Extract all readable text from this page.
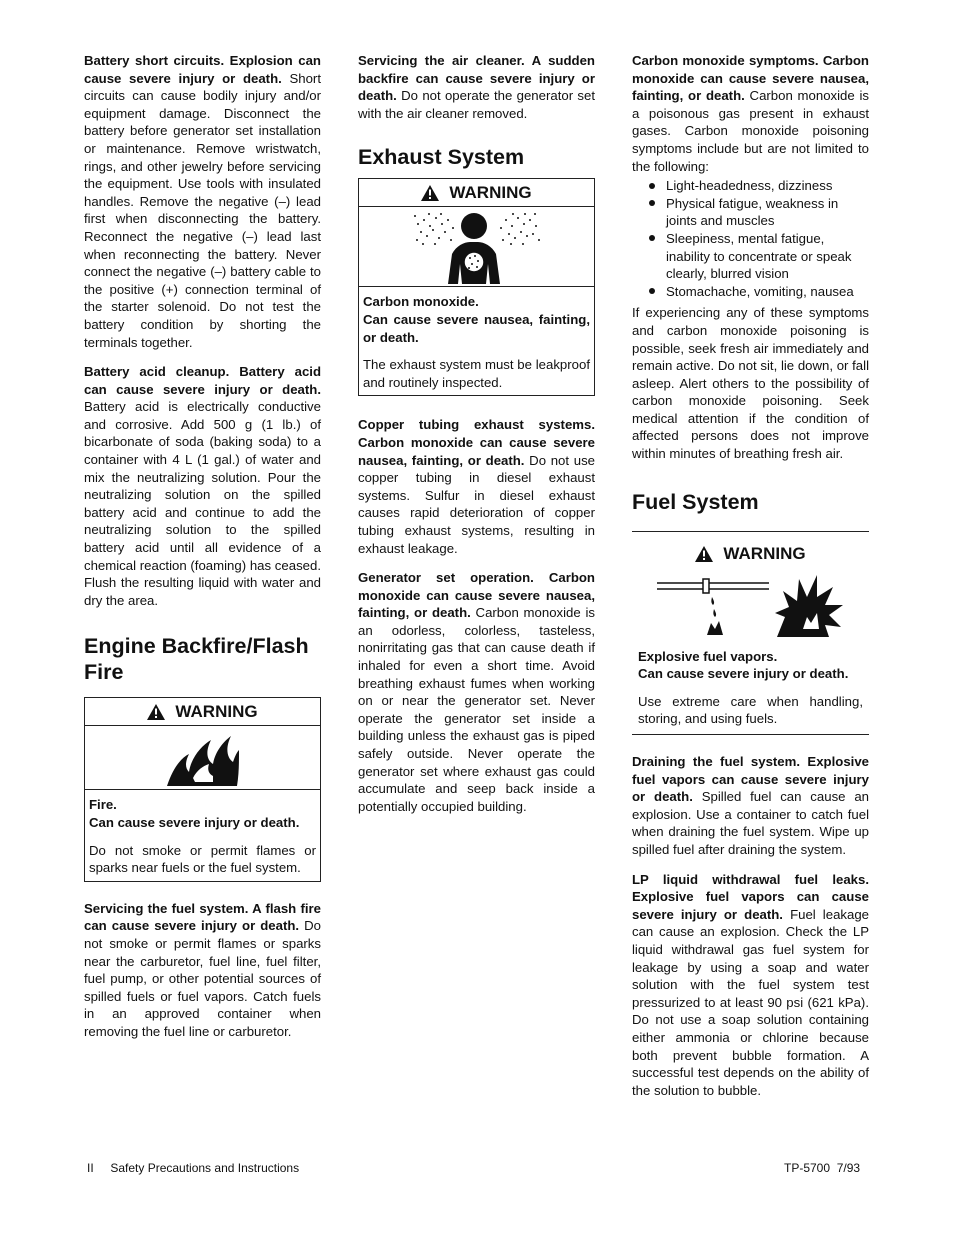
Battery short circuits. Explosion can cause severe injury or death. Short circuits can cause bodily injury and/or equipment damage. Disconnect the battery before generator set installation or maintenance. Remove wristwatch, rings, and other jewelry before servicing the equipment. Use tools with insulated handles. Remove the negative (–) lead first when disconnecting the battery. Reconnect the negative (–) lead last when reconnecting the battery. Never connect the negative (–) battery cable to the positive (+) connection terminal of the starter solenoid. Do not test the battery condition by shorting the terminals together.

Battery acid cleanup. Battery acid can cause severe injury or death. Battery acid is electrically conductive and corrosive. Add 500 g (1 lb.) of bicarbonate of soda (baking soda) to a container with 4 L (1 gal.) of water and mix the neutralizing solution. Pour the neutralizing solution on the spilled battery acid and continue to add the neutralizing solution to the spilled battery acid until all evidence of a chemical reaction (foaming) has ceased. Flush the resulting liquid with water and dry the area.

Engine Backfire/Flash Fire
WARNING
Fire.
Can cause severe injury or death.
Do not smoke or permit flames or sparks near fuels or the fuel system.

Servicing the fuel system. A flash fire can cause severe injury or death. Do not smoke or permit flames or sparks near the carburetor, fuel line, fuel filter, fuel pump, or other potential sources of spilled fuels or fuel vapors. Catch fuels in an approved container when removing the fuel line or carburetor.

Servicing the air cleaner. A sudden backfire can cause severe injury or death. Do not operate the generator set with the air cleaner removed.

Exhaust System
WARNING
Carbon monoxide.
Can cause severe nausea, fainting, or death.
The exhaust system must be leakproof and routinely inspected.

Copper tubing exhaust systems. Carbon monoxide can cause severe nausea, fainting, or death. Do not use copper tubing in diesel exhaust systems. Sulfur in diesel exhaust causes rapid deterioration of copper tubing exhaust systems, resulting in exhaust leakage.

Generator set operation. Carbon monoxide can cause severe nausea, fainting, or death. Carbon monoxide is an odorless, colorless, tasteless, nonirritating gas that can cause death if inhaled for even a short time. Avoid breathing exhaust fumes when working on or near the generator set. Never operate the generator set inside a building unless the exhaust gas is piped safely outside. Never operate the generator set where exhaust gas could accumulate and seep back inside a potentially occupied building.

Carbon monoxide symptoms. Carbon monoxide can cause severe nausea, fainting, or death. Carbon monoxide is a poisonous gas present in exhaust gases. Carbon monoxide poisoning symptoms include but are not limited to the following:

Light-headedness, dizziness
Physical fatigue, weakness in joints and muscles
Sleepiness, mental fatigue, inability to concentrate or speak clearly, blurred vision
Stomachache, vomiting, nausea

If experiencing any of these symptoms and carbon monoxide poisoning is possible, seek fresh air immediately and remain active. Do not sit, lie down, or fall asleep. Alert others to the possibility of carbon monoxide poisoning. Seek medical attention if the condition of affected persons does not improve within minutes of breathing fresh air.

Fuel System
WARNING
Explosive fuel vapors.
Can cause severe injury or death.
Use extreme care when handling, storing, and using fuels.

Draining the fuel system. Explosive fuel vapors can cause severe injury or death. Spilled fuel can cause an explosion. Use a container to catch fuel when draining the fuel system. Wipe up spilled fuel after draining the system.

LP liquid withdrawal fuel leaks. Explosive fuel vapors can cause severe injury or death. Fuel leakage can cause an explosion. Check the LP liquid withdrawal gas fuel system for leakage by using a soap and water solution with the fuel system test pressurized to at least 90 psi (621 kPa). Do not use a soap solution containing either ammonia or chlorine because both prevent bubble formation. A successful test depends on the ability of the solution to bubble.

II     Safety Precautions and Instructions	TP-5700  7/93
